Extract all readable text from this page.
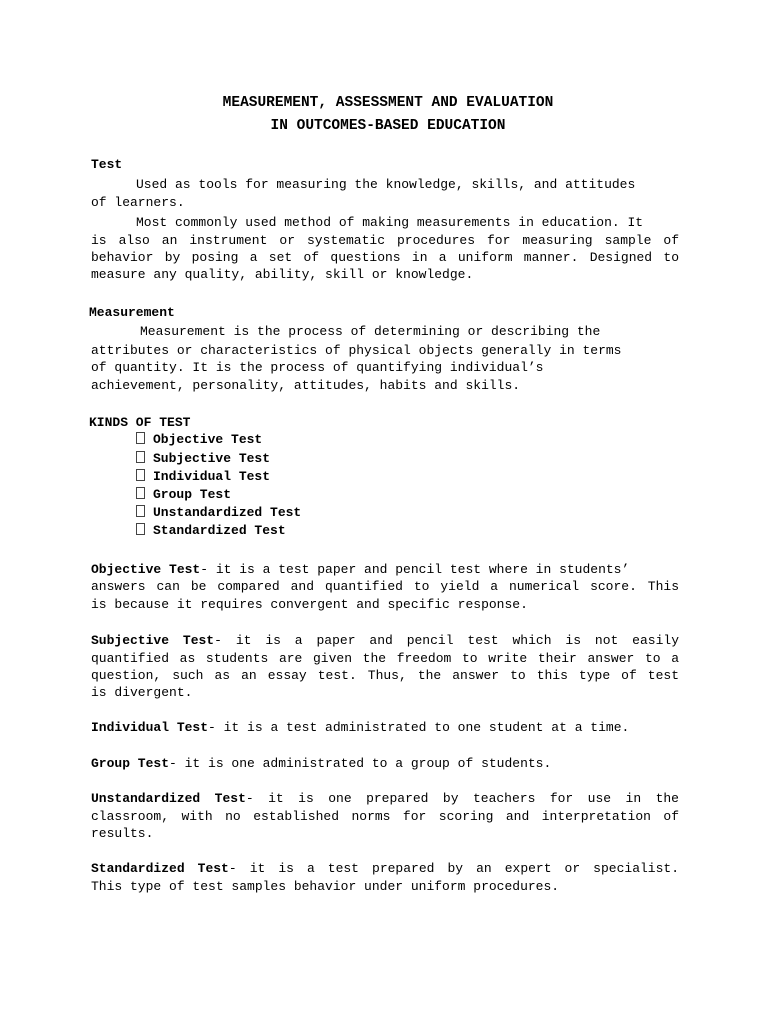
MEASUREMENT, ASSESSMENT AND EVALUATION
IN OUTCOMES-BASED EDUCATION
Test
Used as tools for measuring the knowledge, skills, and attitudes
of learners.
Most commonly used method of making measurements in education. It
is also an instrument or systematic procedures for measuring sample of
behavior by posing a set of questions in a uniform manner. Designed to
measure any quality, ability, skill or knowledge.
Measurement
Measurement is the process of determining or describing the
attributes or characteristics of physical objects generally in terms
of quantity. It is the process of quantifying individual’s
achievement, personality, attitudes, habits and skills.
KINDS OF TEST
Objective Test
Subjective Test
Individual Test
Group Test
Unstandardized Test
Standardized Test
Objective Test- it is a test paper and pencil test where in students’
answers can be compared and quantified to yield a numerical score. This
is because it requires convergent and specific response.
Subjective Test- it is a paper and pencil test which is not easily
quantified as students are given the freedom to write their answer to a
question, such as an essay test. Thus, the answer to this type of test
is divergent.
Individual Test- it is a test administrated to one student at a time.
Group Test- it is one administrated to a group of students.
Unstandardized Test- it is one prepared by teachers for use in the
classroom, with no established norms for scoring and interpretation of
results.
Standardized Test- it is a test prepared by an expert or specialist.
This type of test samples behavior under uniform procedures.
